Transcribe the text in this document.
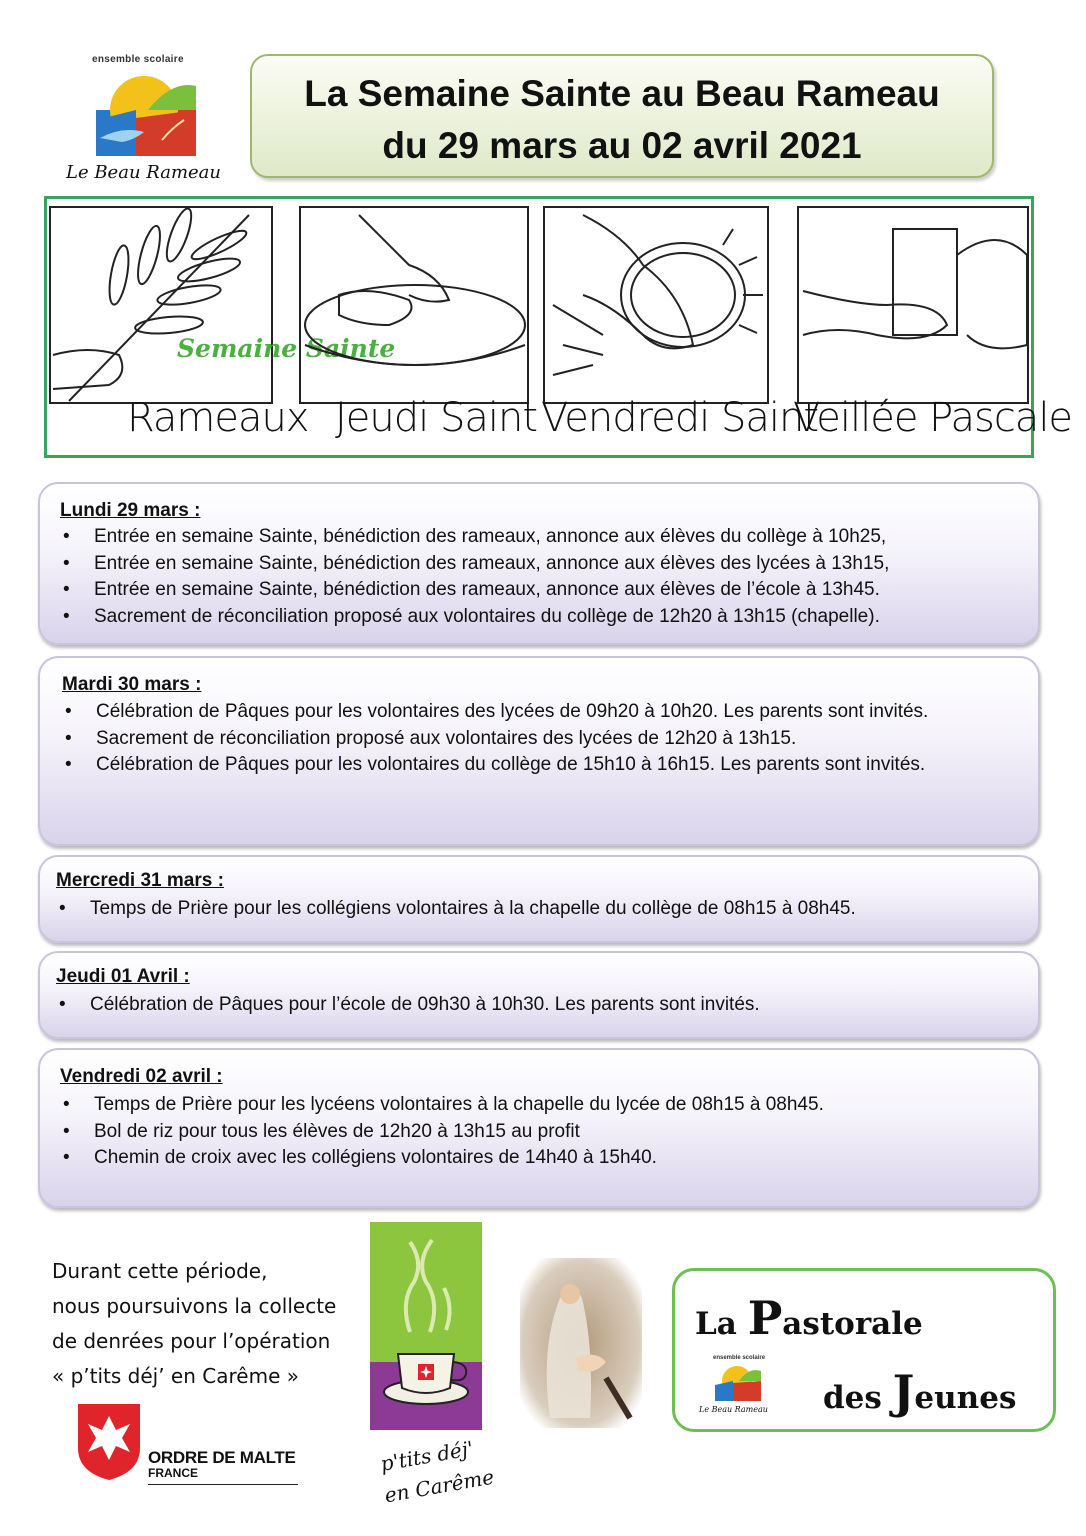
ensemble scolaire
Le Beau Rameau
La Semaine Sainte au Beau Rameau
du 29 mars au 02 avril 2021
Rameaux
Semaine Sainte
Jeudi Saint Vendredi Saint
Veillée Pascale
Lundi 29 mars :
• Entrée en semaine Sainte, bénédiction des rameaux, annonce aux élèves du collège à 10h25,
• Entrée en semaine Sainte, bénédiction des rameaux, annonce aux élèves des lycées à 13h15,
• Entrée en semaine Sainte, bénédiction des rameaux, annonce aux élèves de l’école à 13h45.
• Sacrement de réconciliation proposé aux volontaires du collège de 12h20 à 13h15 (chapelle).
Mardi 30 mars :
• Célébration de Pâques pour les volontaires des lycées de 09h20 à 10h20. Les parents sont invités.
• Sacrement de réconciliation proposé aux volontaires des lycées de 12h20 à 13h15.
• Célébration de Pâques pour les volontaires du collège de 15h10 à 16h15. Les parents sont invités.
Mercredi 31 mars :
• Temps de Prière pour les collégiens volontaires à la chapelle du collège de 08h15 à 08h45.
Jeudi 01 Avril :
• Célébration de Pâques pour l’école de 09h30 à 10h30. Les parents sont invités.
Vendredi 02 avril :
• Temps de Prière pour les lycéens volontaires à la chapelle du lycée de 08h15 à 08h45.
• Bol de riz pour tous les élèves de 12h20 à 13h15 au profit
• Chemin de croix avec les collégiens volontaires de 14h40 à 15h40.
Durant cette période,
nous poursuivons la collecte
de denrées pour l’opération
« p’tits déj’ en Carême »
ORDRE DE MALTE
FRANCE	p'tits déj'
en Carême
La Pastorale
ensemble scolaire
Le Beau Rameau des Jeunes
